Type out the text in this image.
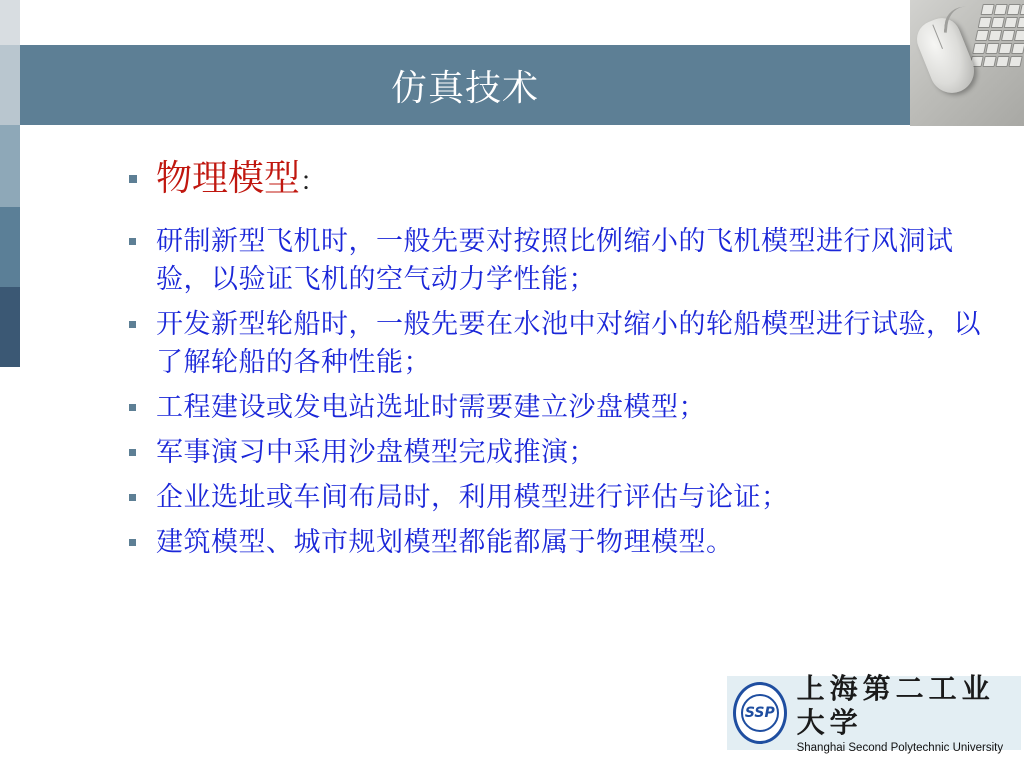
仿真技术
物理模型：
研制新型飞机时，一般先要对按照比例缩小的飞机模型进行风洞试验，以验证飞机的空气动力学性能；
开发新型轮船时，一般先要在水池中对缩小的轮船模型进行试验，以了解轮船的各种性能；
工程建设或发电站选址时需要建立沙盘模型；
军事演习中采用沙盘模型完成推演；
企业选址或车间布局时，利用模型进行评估与论证；
建筑模型、城市规划模型都能都属于物理模型。
SSP
上海第二工业大学
Shanghai Second Polytechnic University
